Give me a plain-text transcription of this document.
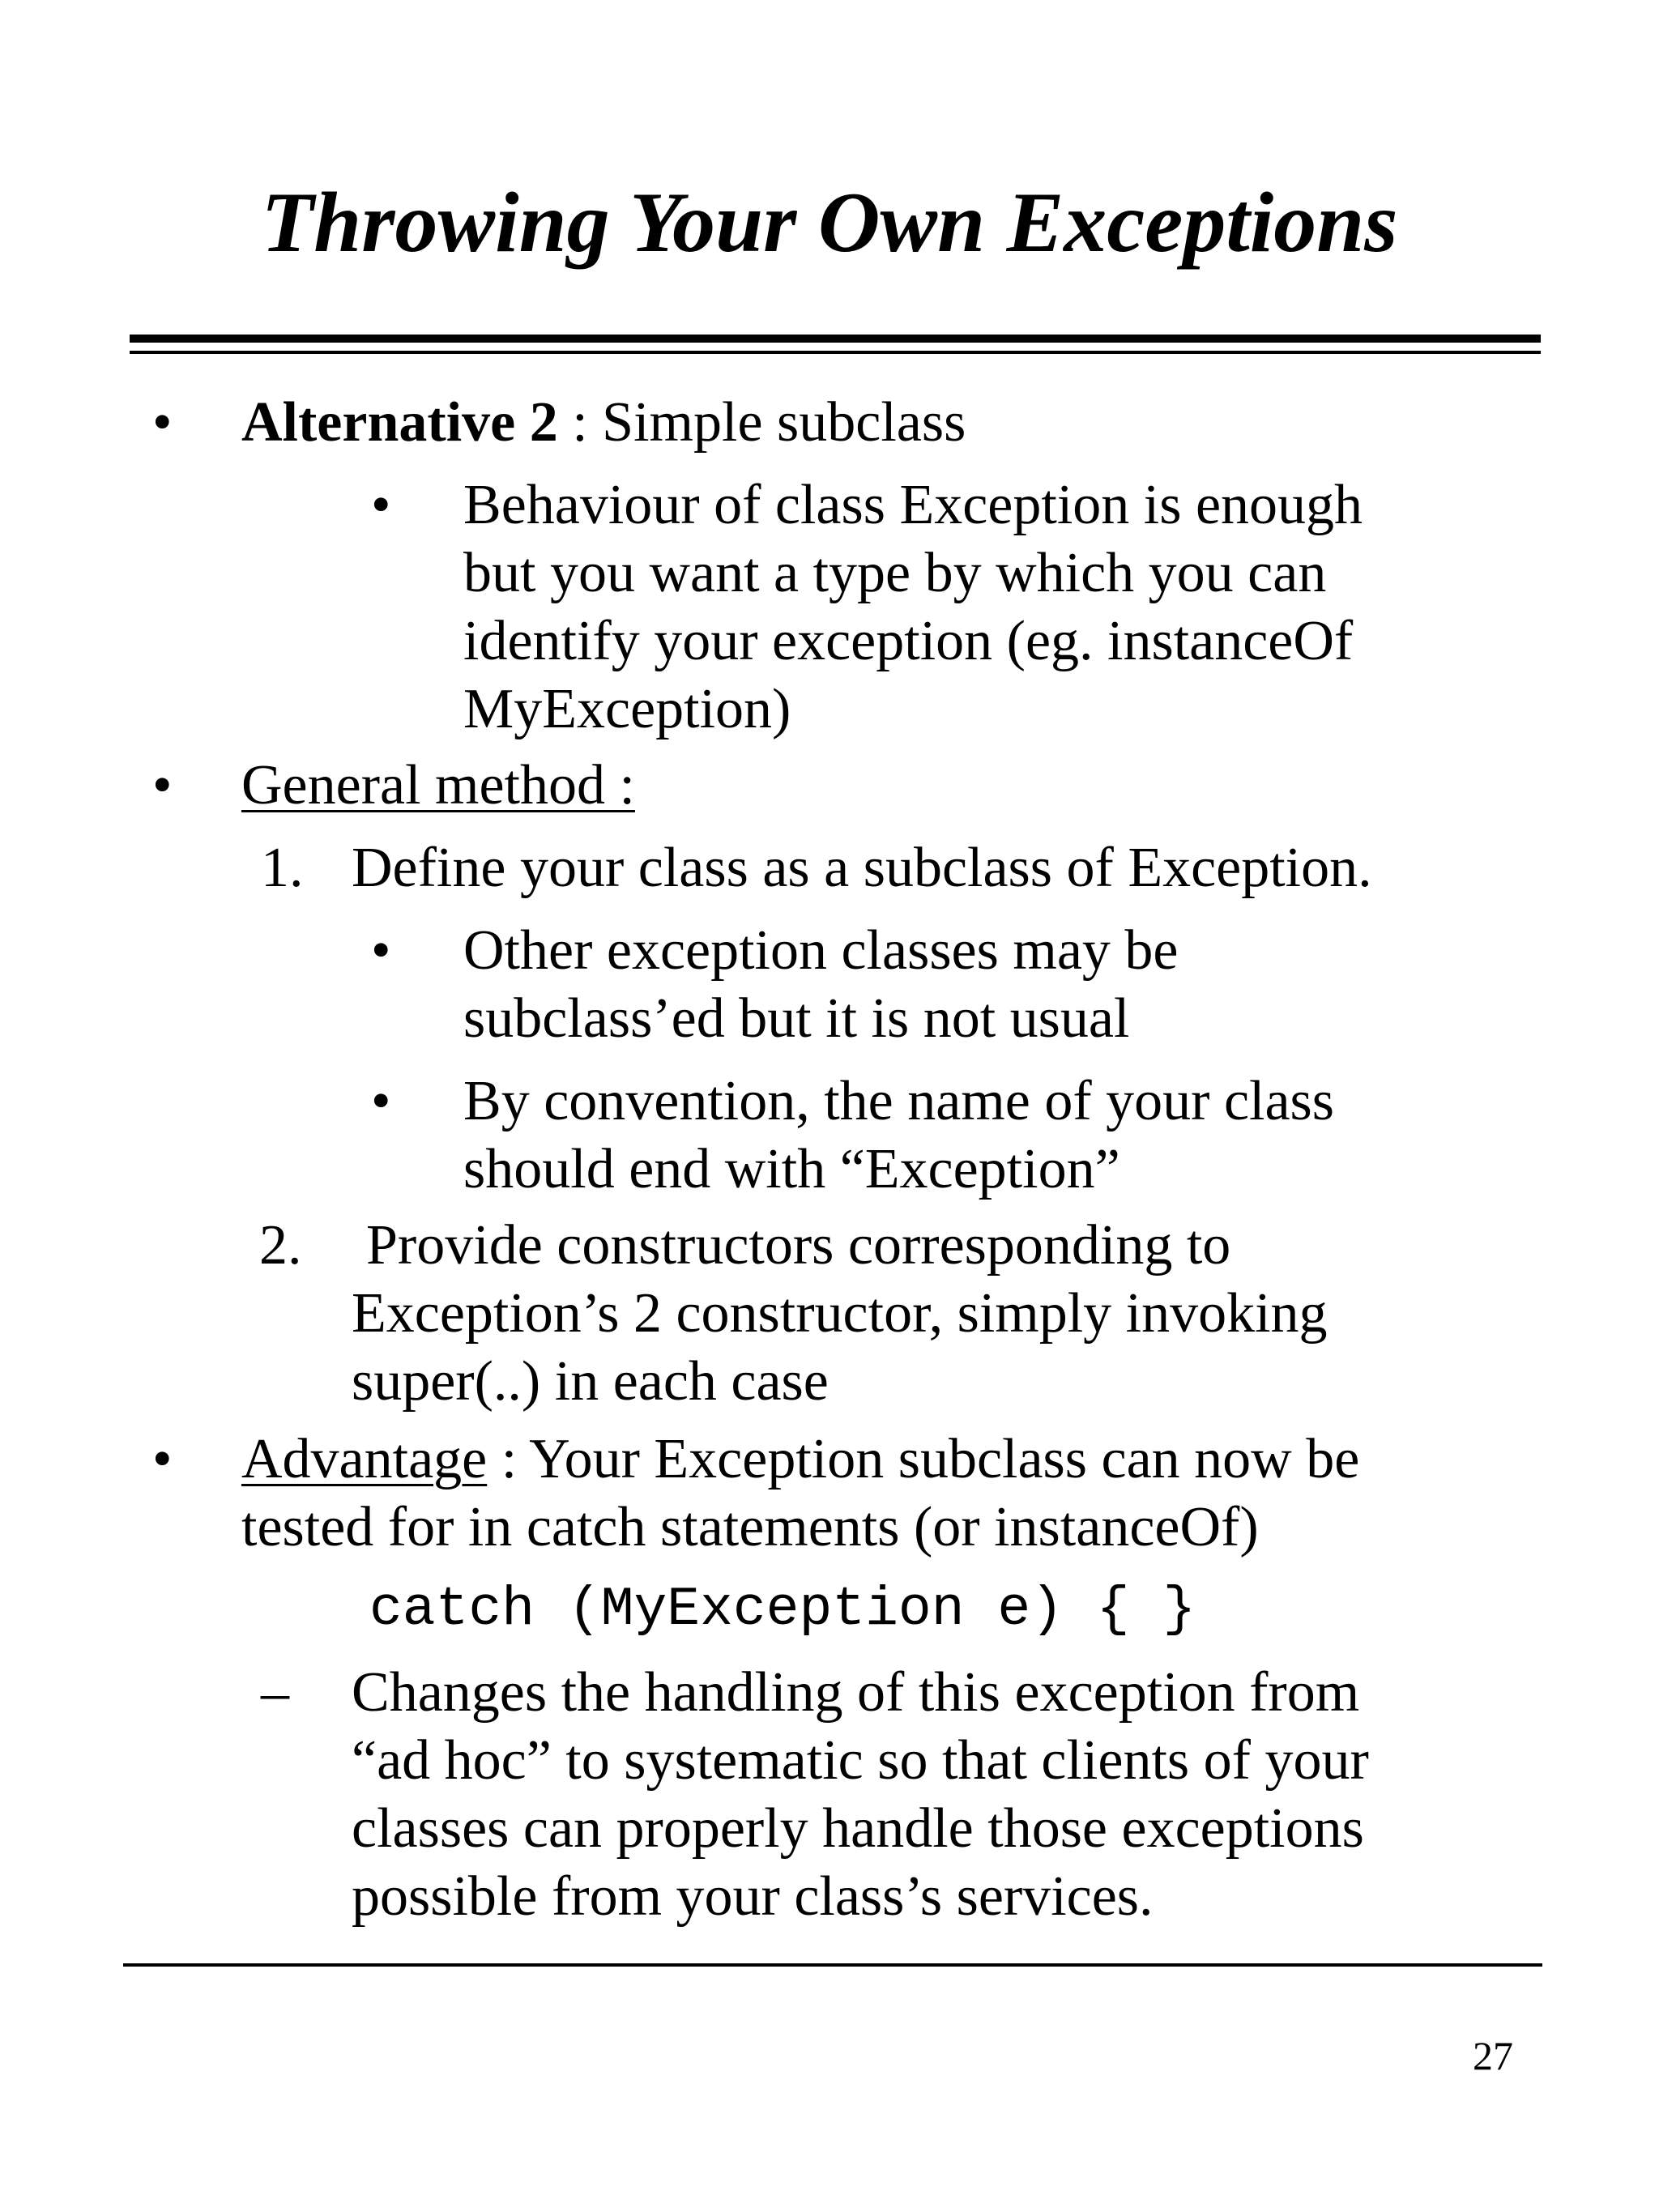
Throwing Your Own Exceptions
• Alternative 2 : Simple subclass
• Behaviour of class Exception is enough
but you want a type by which you can
identify your exception (eg. instanceOf
MyException)
• General method :
1. Define your class as a subclass of Exception.
• Other exception classes may be
subclass’ed but it is not usual
• By convention, the name of your class
should end with “Exception”
2. Provide constructors corresponding to
Exception’s 2 constructor, simply invoking
super(..) in each case
• Advantage : Your Exception subclass can now be
tested for in catch statements (or instanceOf)
catch (MyException e) { }
– Changes the handling of this exception from
“ad hoc” to systematic so that clients of your
classes can properly handle those exceptions
possible from your class’s services.
27
